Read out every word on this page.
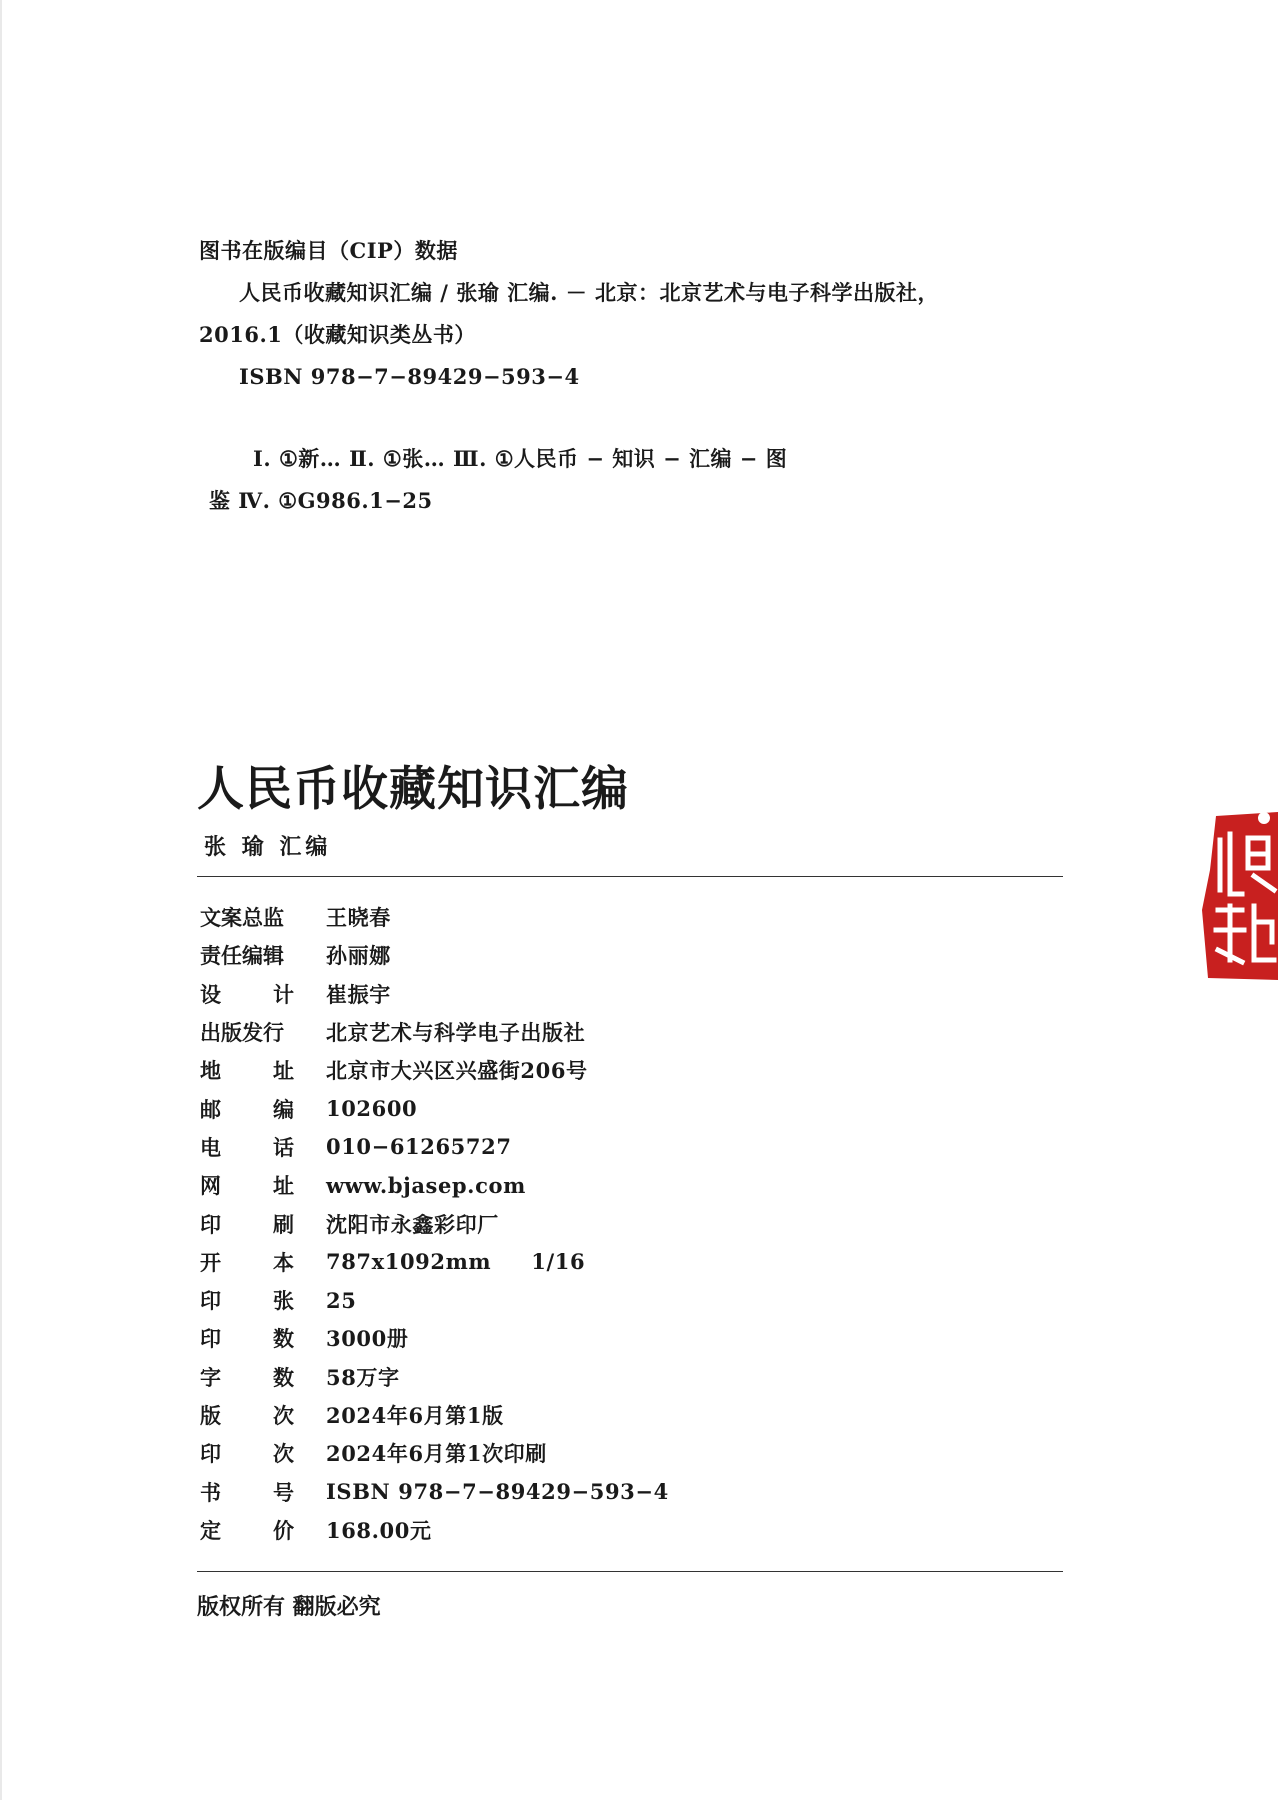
图书在版编目（CIP）数据
人民币收藏知识汇编 / 张瑜 汇编. － 北京：北京艺术与电子科学出版社，
2016.1（收藏知识类丛书）
ISBN 978−7−89429−593−4
Ⅰ. ①新… Ⅱ. ①张… Ⅲ. ①人民币 − 知识 − 汇编 − 图
鉴 Ⅳ. ①G986.1−25
人民币收藏知识汇编
张 瑜 汇编
文案总监 王晓春
责任编辑 孙丽娜
设 计 崔振宇
出版发行 北京艺术与科学电子出版社
地 址 北京市大兴区兴盛街206号
邮 编 102600
电 话 010−61265727
网 址 www.bjasep.com
印 刷 沈阳市永鑫彩印厂
开 本 787x1092mm 1/16
印 张 25
印 数 3000册
字 数 58万字
版 次 2024年6月第1版
印 次 2024年6月第1次印刷
书 号 ISBN 978−7−89429−593−4
定 价 168.00元
版权所有 翻版必究
